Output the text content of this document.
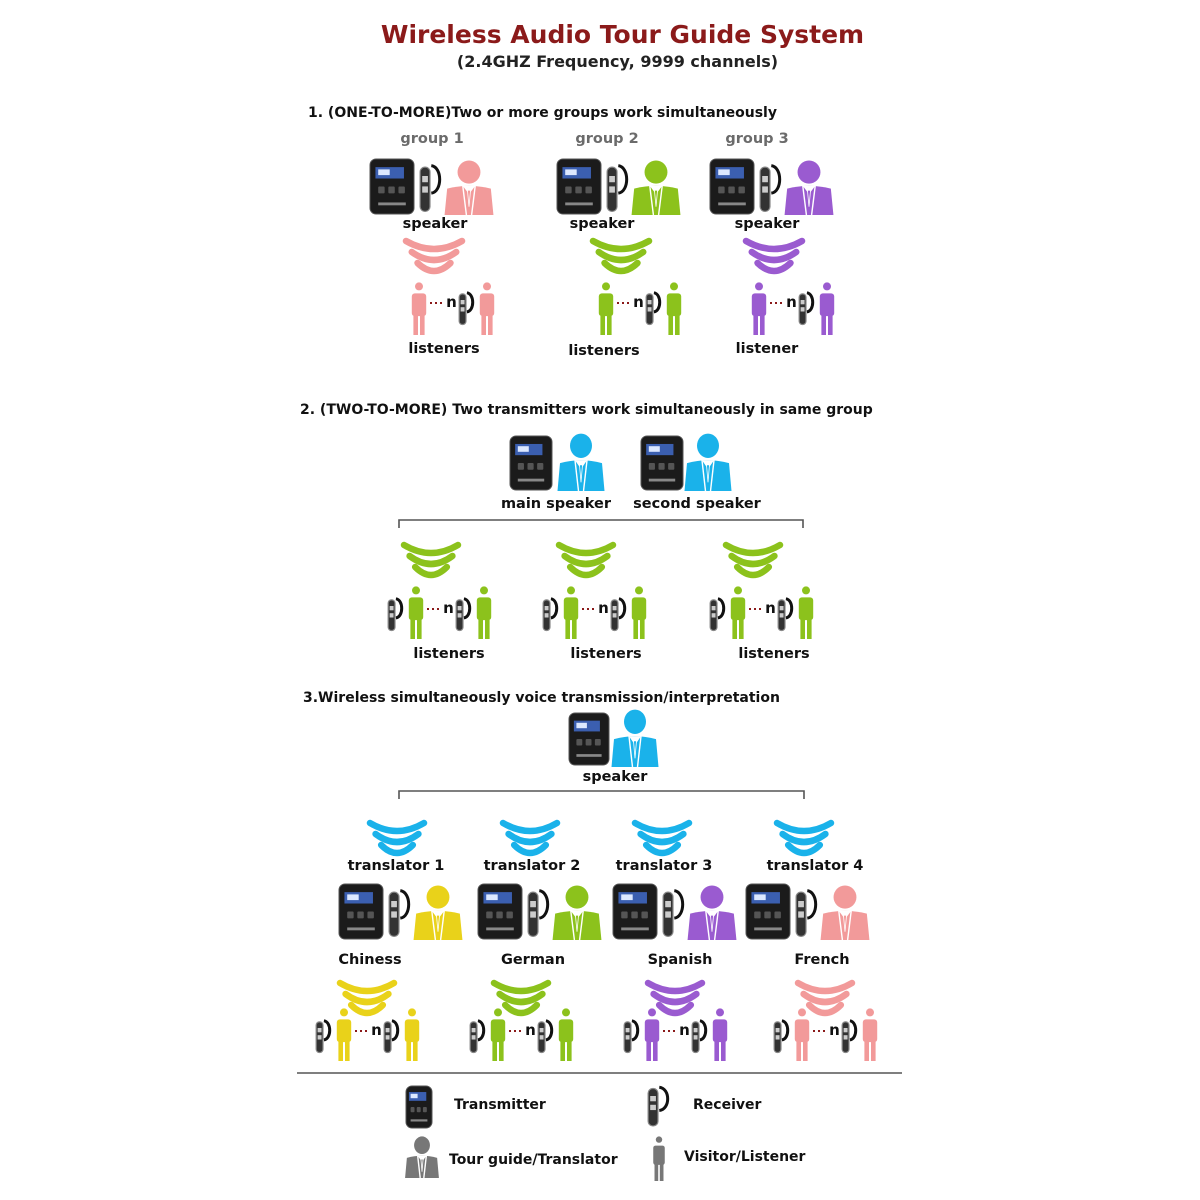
Wireless Audio Tour Guide System
(2.4GHZ Frequency, 9999 channels)
1. (ONE-TO-MORE)Two or more groups work simultaneously
group 1	group 2	group 3
speaker	speaker	speaker
listeners	listeners	listener
2. (TWO-TO-MORE) Two transmitters work simultaneously in same group
main speaker	second speaker
listeners	listeners	listeners
3.Wireless simultaneously voice transmission/interpretation
speaker
translator 1	translator 2	translator 3	translator 4
Chiness	German	Spanish	French
Transmitter	Receiver
Tour guide/Translator	Visitor/Listener
n	n	n
n	n	n
n	n	n	n
